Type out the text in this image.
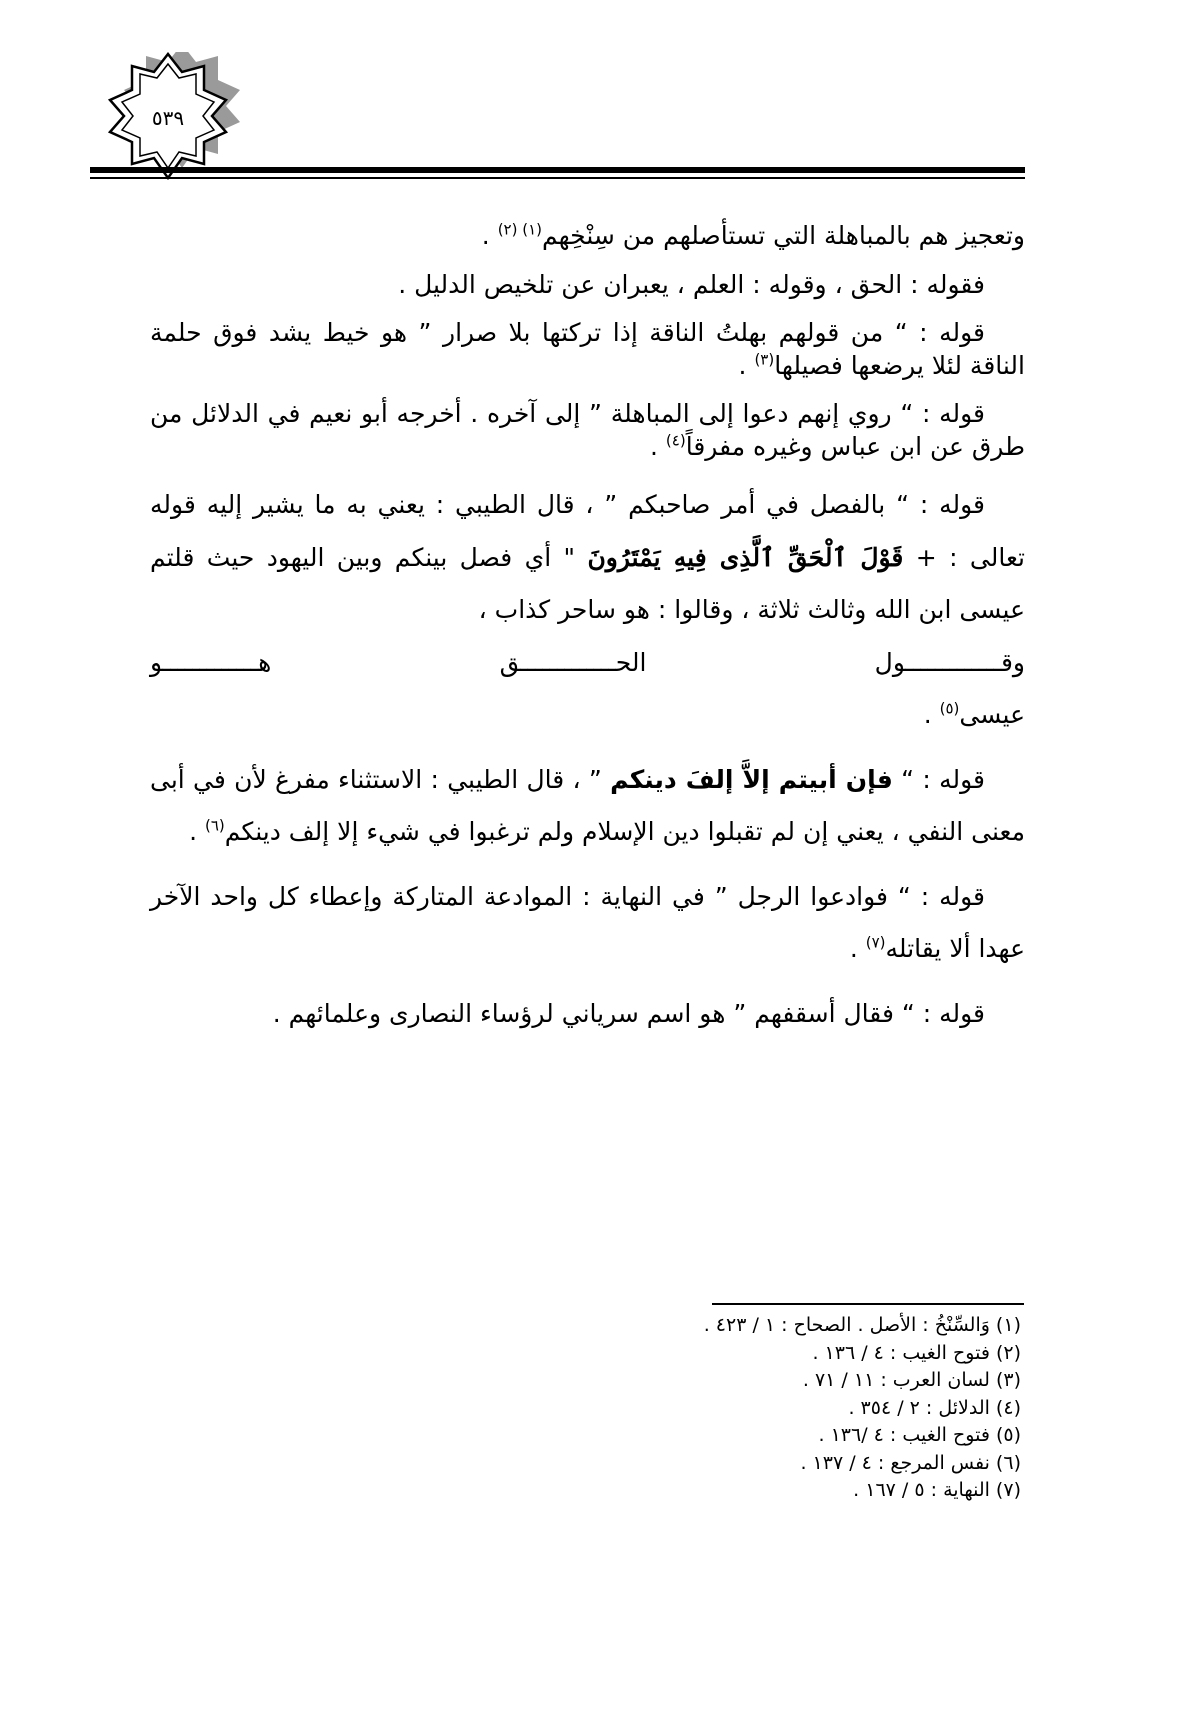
٥٣٩

وتعجيز هم بالمباهلة التي تستأصلهم من سِنْخِهم$^{(١) (٢)}$ .

فقوله : الحق ، وقوله : العلم ، يعبران عن تلخيص الدليل .

قوله : “ من قولهم بهلتُ الناقة إذا تركتها بلا صرار ” هو خيط يشد فوق حلمة الناقة لئلا يرضعها فصيلها$^{(٣)}$ .

قوله : “ روي إنهم دعوا إلى المباهلة ” إلى آخره . أخرجه أبو نعيم في الدلائل من طرق عن ابن عباس وغيره مفرقاً$^{(٤)}$ .

قوله : “ بالفصل في أمر صاحبكم ” ، قال الطيبي : يعني به ما يشير إليه قوله تعالى : + قَوْلَ ٱلْحَقِّ ٱلَّذِى فِيهِ يَمْتَرُونَ " أي فصل بينكم وبين اليهود حيث قلتم عيسى ابن الله وثالث ثلاثة ، وقالوا : هو ساحر كذاب ،

وقـــــــــــــول
الحـــــــــــــق
هـــــــــــــو

عيسى$^{(٥)}$ .

قوله : “ فإن أبيتم إلاَّ إلفَ دينكم ” ، قال الطيبي : الاستثناء مفرغ لأن في أبى معنى النفي ، يعني إن لم تقبلوا دين الإسلام ولم ترغبوا في شيء إلا إلف دينكم$^{(٦)}$ .

قوله : “ فوادعوا الرجل ” في النهاية : الموادعة المتاركة وإعطاء كل واحد الآخر عهدا ألا يقاتله$^{(٧)}$ .

قوله : “ فقال أسقفهم ” هو اسم سرياني لرؤساء النصارى وعلمائهم .

(١) وَالسِّنْخُ : الأصل . الصحاح : ١ / ٤٢٣ .
(٢) فتوح الغيب : ٤ / ١٣٦ .
(٣) لسان العرب : ١١ / ٧١ .
(٤) الدلائل : ٢ / ٣٥٤ .
(٥) فتوح الغيب : ٤ /١٣٦ .
(٦) نفس المرجع : ٤ / ١٣٧ .
(٧) النهاية : ٥ / ١٦٧ .
